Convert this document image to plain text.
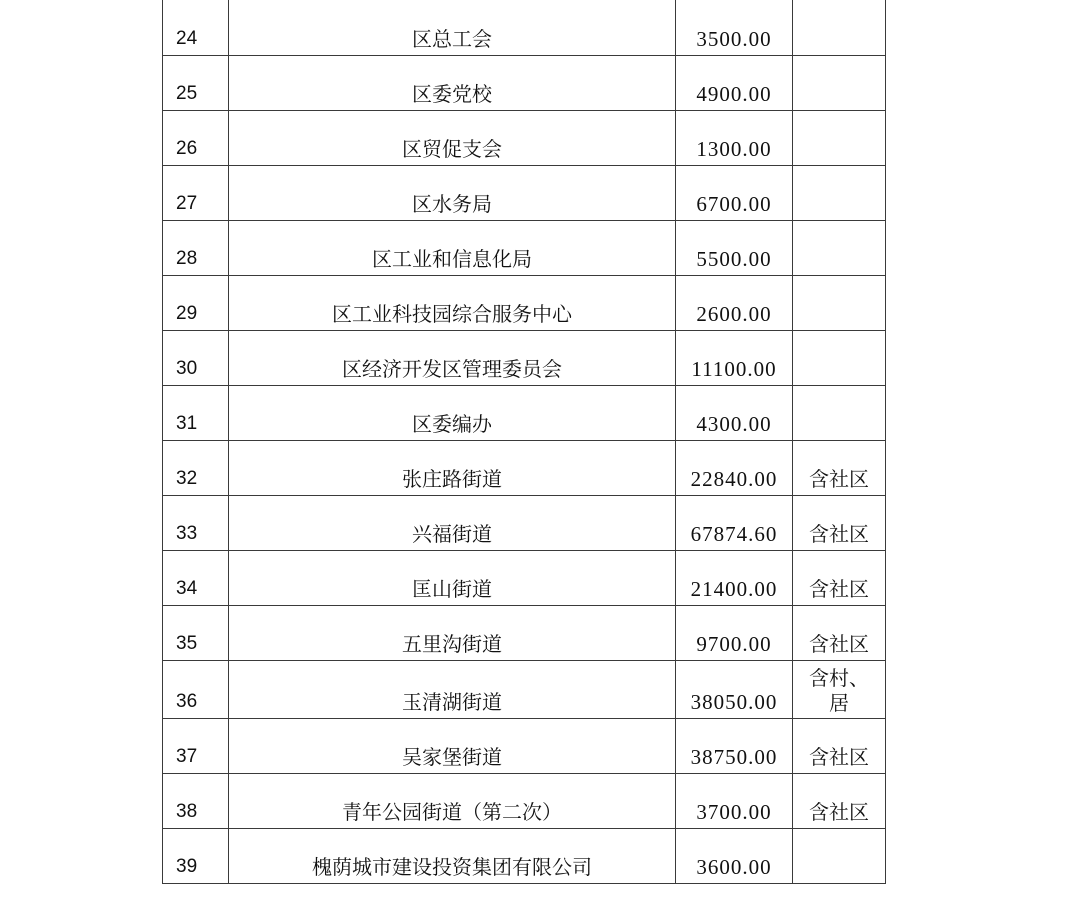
24	区总工会	3500.00	
25	区委党校	4900.00	
26	区贸促支会	1300.00	
27	区水务局	6700.00	
28	区工业和信息化局	5500.00	
29	区工业科技园综合服务中心	2600.00	
30	区经济开发区管理委员会	11100.00	
31	区委编办	4300.00	
32	张庄路街道	22840.00	含社区
33	兴福街道	67874.60	含社区
34	匡山街道	21400.00	含社区
35	五里沟街道	9700.00	含社区
36	玉清湖街道	38050.00	含村、
居

37	吴家堡街道	38750.00	含社区
38	青年公园街道（第二次）	3700.00	含社区
39	槐荫城市建设投资集团有限公司	3600.00	
